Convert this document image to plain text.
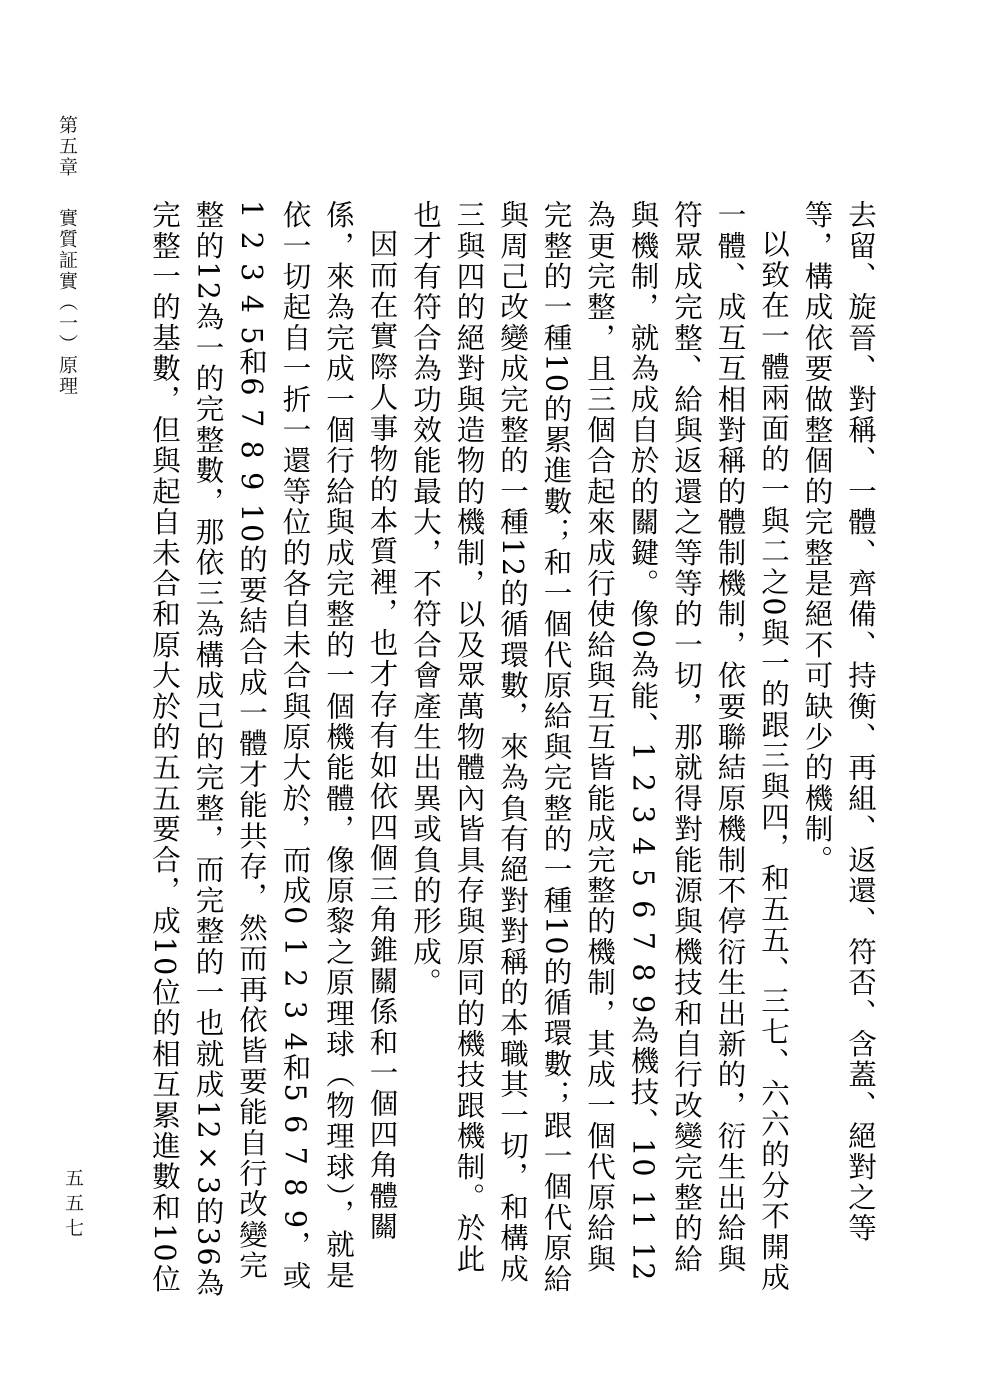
第五章 實質証實（一）原理
五五七	去留、旋晉、對稱、一體、齊備、持衡、再組、返還、符否、含蓋、絕對之等等，構成依要做整個的完整是絕不可缺少的機制。

以致在一體兩面的一與二之0與一的跟三與四，和五五、三七、六六的分不開成一體、成互互相對稱的體制機制，依要聯結原機制不停衍生出新的，衍生出給與符眾成完整、給與返還之等等的一切，那就得對能源與機技和自行改變完整的給與機制，就為成自於的關鍵。像0為能、1 2 3 4 5 6 7 8 9為機技、10 11 12為更完整，且三個合起來成行使給與互互皆能成完整的機制，其成一個代原給與完整的一種10的累進數；和一個代原給與完整的一種10的循環數；跟一個代原給與周己改變成完整的一種12的循環數，來為負有絕對對稱的本職其一切，和構成三與四的絕對與造物的機制，以及眾萬物體內皆具存與原同的機技跟機制。於此也才有符合為功效能最大，不符合會產生出異或負的形成。

因而在實際人事物的本質裡，也才存有如依四個三角錐關係和一個四角體關係，來為完成一個行給與成完整的一個機能體，像原黎之原理球（物理球），就是依一切起自一折一還等位的各自未合與原大於，而成0 1 2 3 4和5 6 7 8 9，或1 2 3 4 5和6 7 8 9 10的要結合成一體才能共存，然而再依皆要能自行改變完整的12為一的完整數，那依三為構成己的完整，而完整的一也就成12×3的36為完整一的基數，但與起自未合和原大於的五五要合，成10位的相互累進數和10位
